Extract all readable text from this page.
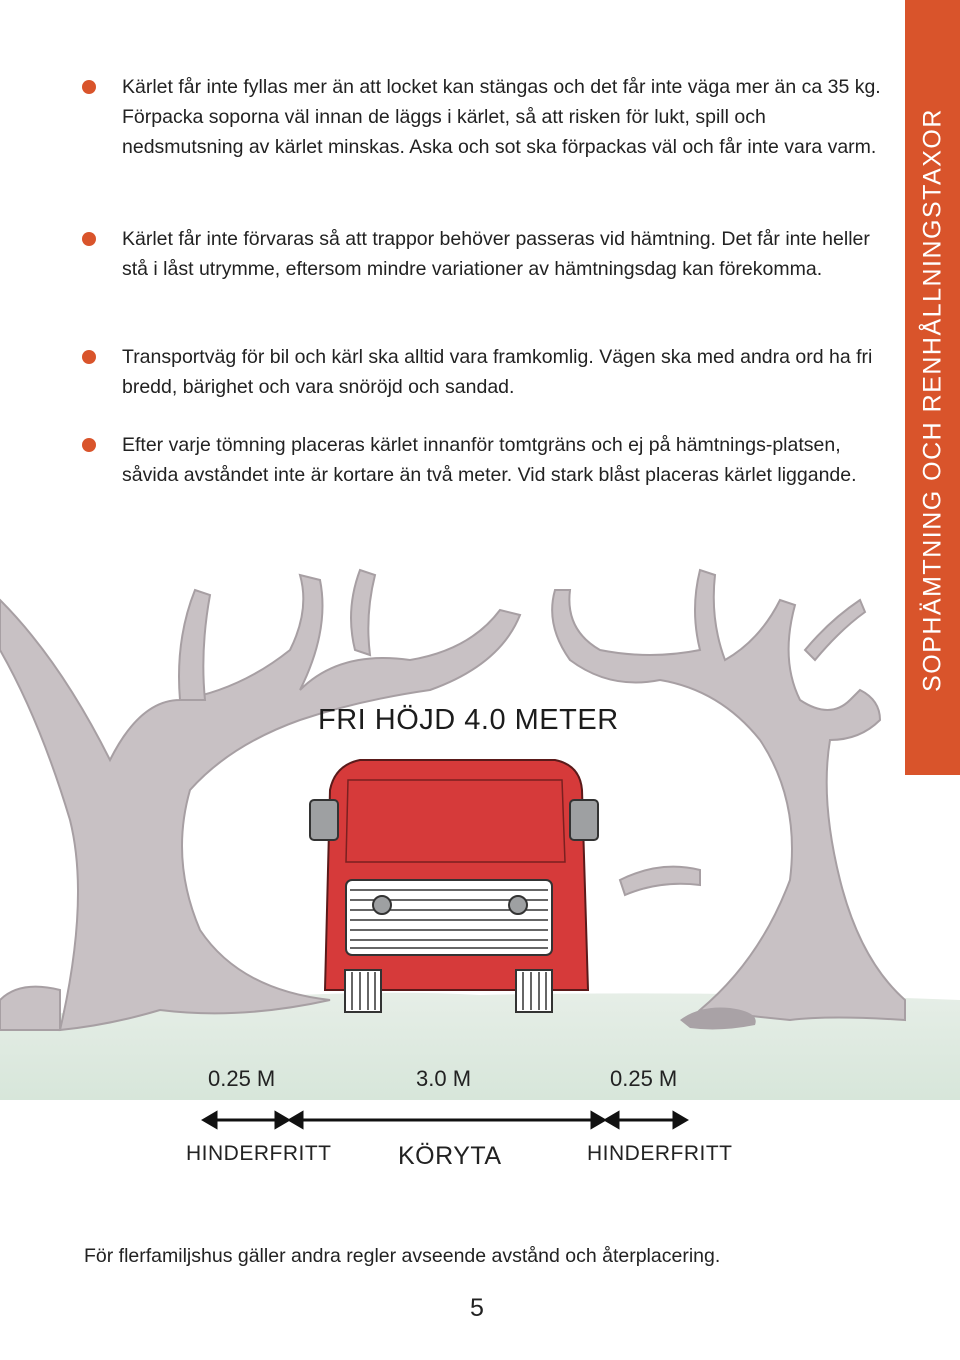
Kärlet får inte fyllas mer än att locket kan stängas och det får inte väga mer än ca 35 kg. Förpacka soporna väl innan de läggs i kärlet, så att risken för lukt, spill och nedsmutsning av kärlet minskas. Aska och sot ska förpackas väl och får inte vara varm.
Kärlet får inte förvaras så att trappor behöver passeras vid hämtning. Det får inte heller stå i låst utrymme, eftersom mindre variationer av hämtningsdag kan förekomma.
Transportväg för bil och kärl ska alltid vara framkomlig. Vägen ska med andra ord ha fri bredd, bärighet och vara snöröjd och sandad.
Efter varje tömning placeras kärlet innanför tomtgräns och ej på hämtnings-platsen, såvida avståndet inte är kortare än två meter. Vid stark blåst placeras kärlet liggande.	SOPHÄMTNING OCH RENHÅLLNINGSTAXOR
FRI HÖJD 4.0 METER
0.25 M	3.0 M	0.25 M
HINDERFRITT	KÖRYTA	HINDERFRITT
För flerfamiljshus gäller andra regler avseende avstånd och återplacering.
5
